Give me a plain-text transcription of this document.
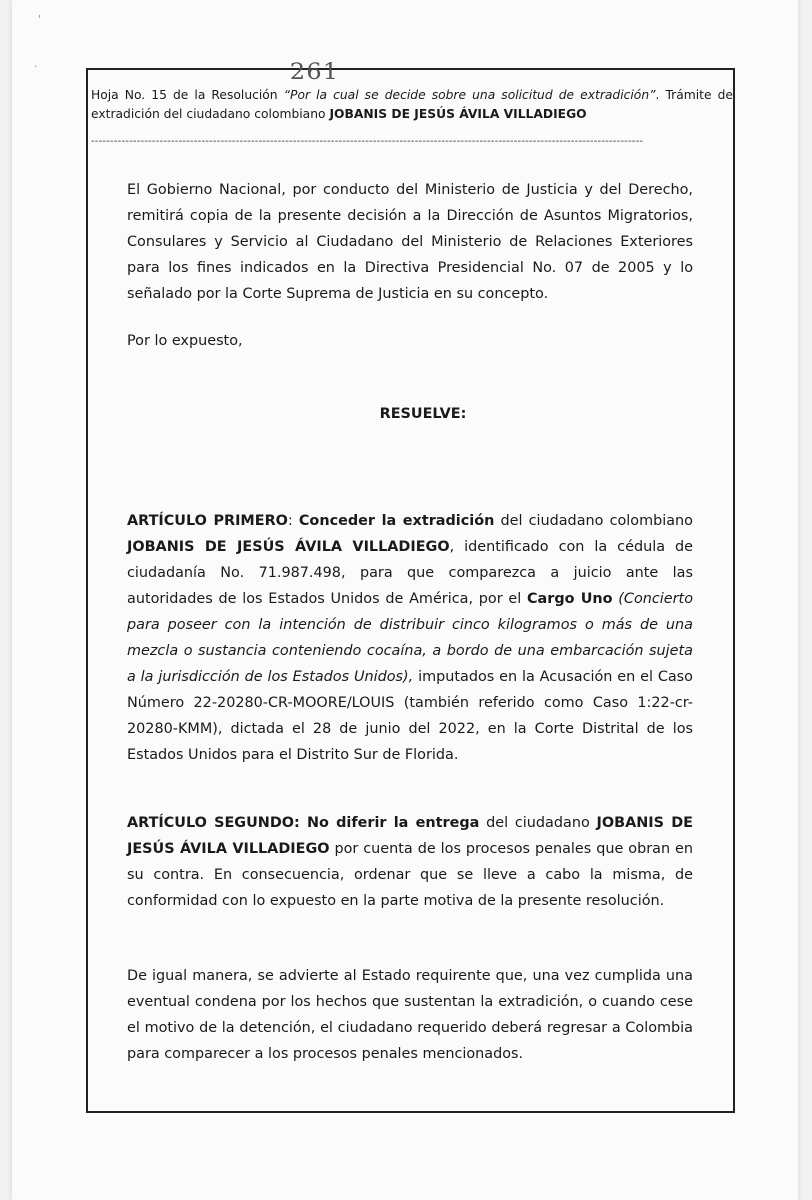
'
·	261
Hoja No. 15 de la Resolución “Por la cual se decide sobre una solicitud de extradición”. Trámite de extradición del ciudadano colombiano JOBANIS DE JESÚS ÁVILA VILLADIEGO
-------------------------------------------------------------------------------------------------------------------------------------------------
El Gobierno Nacional, por conducto del Ministerio de Justicia y del Derecho, remitirá copia de la presente decisión a la Dirección de Asuntos Migratorios, Consulares y Servicio al Ciudadano del Ministerio de Relaciones Exteriores para los fines indicados en la Directiva Presidencial No. 07 de 2005 y lo señalado por la Corte Suprema de Justicia en su concepto.
Por lo expuesto,
RESUELVE:
ARTÍCULO PRIMERO: Conceder la extradición del ciudadano colombiano JOBANIS DE JESÚS ÁVILA VILLADIEGO, identificado con la cédula de ciudadanía No. 71.987.498, para que comparezca a juicio ante las autoridades de los Estados Unidos de América, por el Cargo Uno (Concierto para poseer con la intención de distribuir cinco kilogramos o más de una mezcla o sustancia conteniendo cocaína, a bordo de una embarcación sujeta a la jurisdicción de los Estados Unidos), imputados en la Acusación en el Caso Número 22-20280-CR-MOORE/LOUIS (también referido como Caso 1:22-cr-20280-KMM), dictada el 28 de junio del 2022, en la Corte Distrital de los Estados Unidos para el Distrito Sur de Florida.
ARTÍCULO SEGUNDO: No diferir la entrega del ciudadano JOBANIS DE JESÚS ÁVILA VILLADIEGO por cuenta de los procesos penales que obran en su contra. En consecuencia, ordenar que se lleve a cabo la misma, de conformidad con lo expuesto en la parte motiva de la presente resolución.
De igual manera, se advierte al Estado requirente que, una vez cumplida una eventual condena por los hechos que sustentan la extradición, o cuando cese el motivo de la detención, el ciudadano requerido deberá regresar a Colombia para comparecer a los procesos penales mencionados.
